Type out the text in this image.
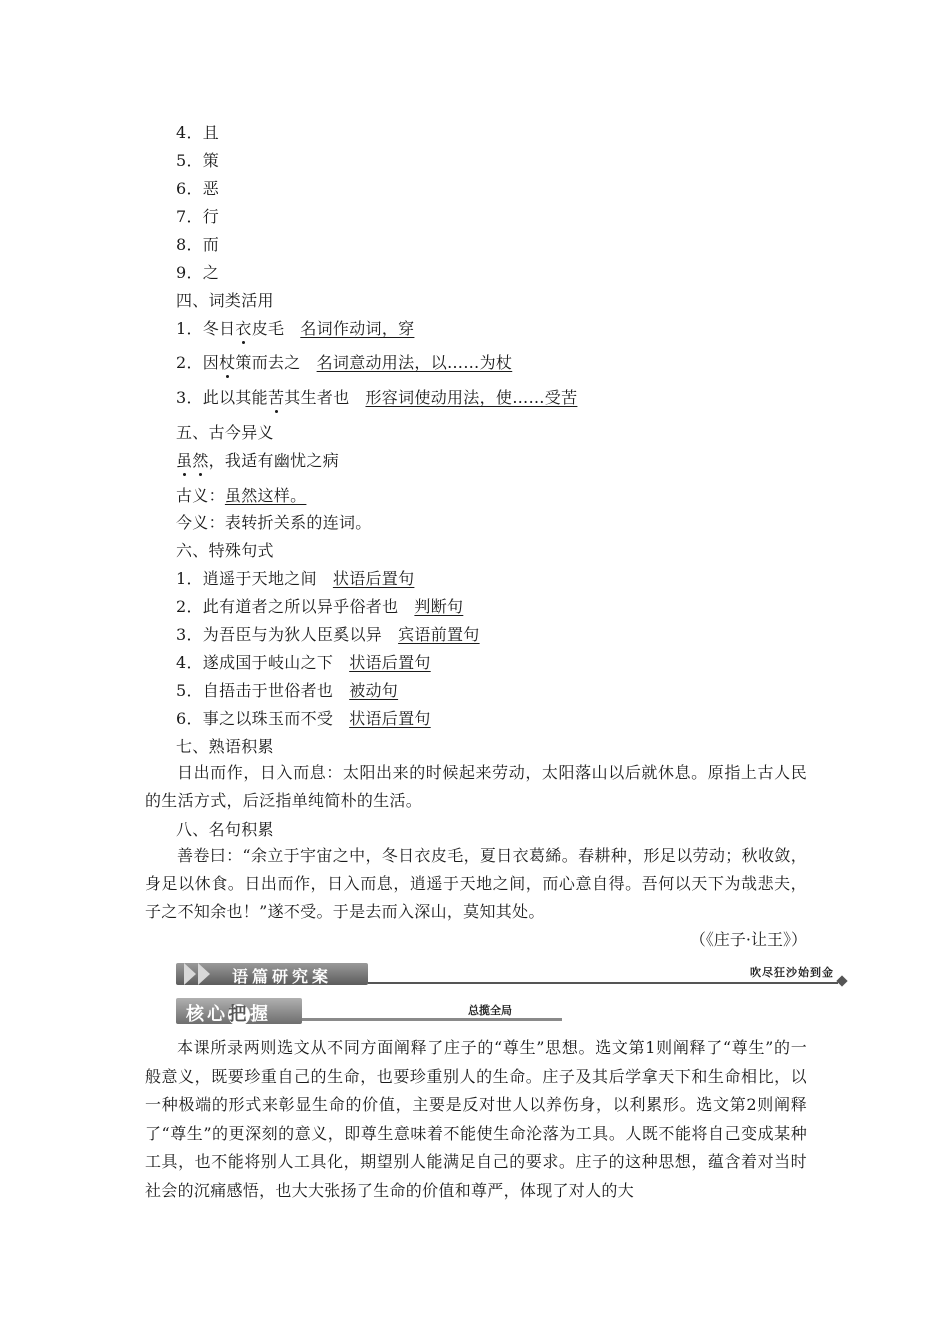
4．且
5．策
6．恶
7．行
8．而
9．之
四、词类活用
1．冬日衣皮毛 名词作动词，穿
2．因杖策而去之 名词意动用法，以……为杖
3．此以其能苦其生者也 形容词使动用法，使……受苦
五、古今异义
虽然，我适有幽忧之病
古义：虽然这样。
今义：表转折关系的连词。
六、特殊句式
1．逍遥于天地之间 状语后置句
2．此有道者之所以异乎俗者也 判断句
3．为吾臣与为狄人臣奚以异 宾语前置句
4．遂成国于岐山之下 状语后置句
5．自捂击于世俗者也 被动句
6．事之以珠玉而不受 状语后置句
七、熟语积累
日出而作，日入而息：太阳出来的时候起来劳动，太阳落山以后就休息。原指上古人民的生活方式，后泛指单纯简朴的生活。
八、名句积累
善卷曰：“余立于宇宙之中，冬日衣皮毛，夏日衣葛絺。春耕种，形足以劳动；秋收敛，身足以休食。日出而作，日入而息，逍遥于天地之间，而心意自得。吾何以天下为哉悲夫，子之不知余也！”遂不受。于是去而入深山，莫知其处。
（《庄子·让王》）
语篇研究案	吹尽狂沙始到金
核心把握	总揽全局
本课所录两则选文从不同方面阐释了庄子的“尊生”思想。选文第1则阐释了“尊生”的一般意义，既要珍重自己的生命，也要珍重别人的生命。庄子及其后学拿天下和生命相比，以一种极端的形式来彰显生命的价值，主要是反对世人以养伤身，以利累形。选文第2则阐释了“尊生”的更深刻的意义，即尊生意味着不能使生命沦落为工具。人既不能将自己变成某种工具，也不能将别人工具化，期望别人能满足自己的要求。庄子的这种思想，蕴含着对当时社会的沉痛感悟，也大大张扬了生命的价值和尊严，体现了对人的大
